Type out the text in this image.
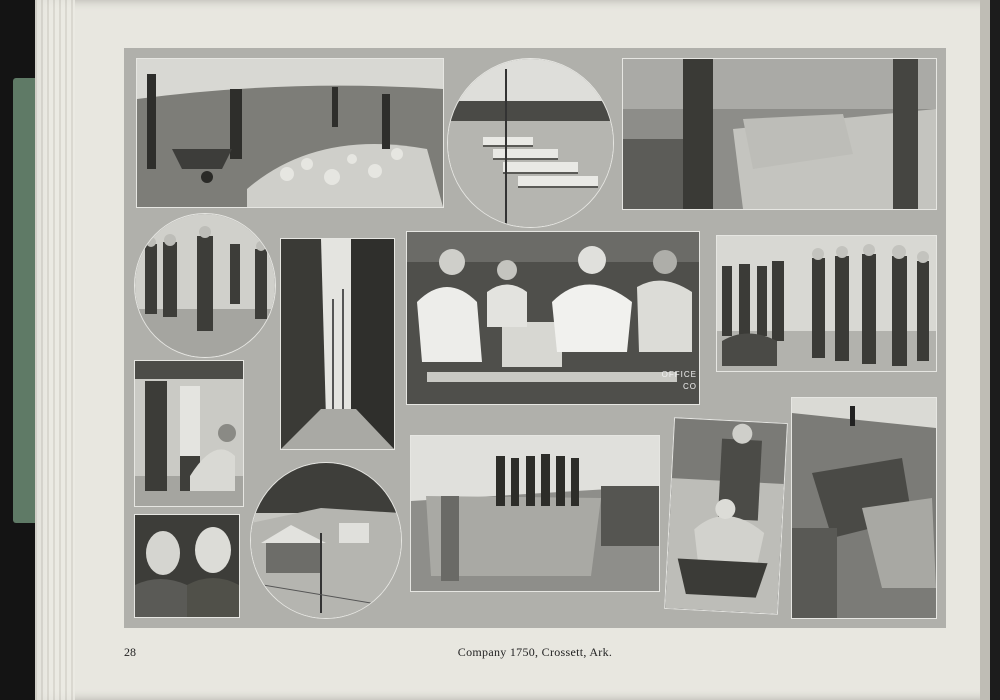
OFFICE
CO
28	Company 1750, Crossett, Ark.
